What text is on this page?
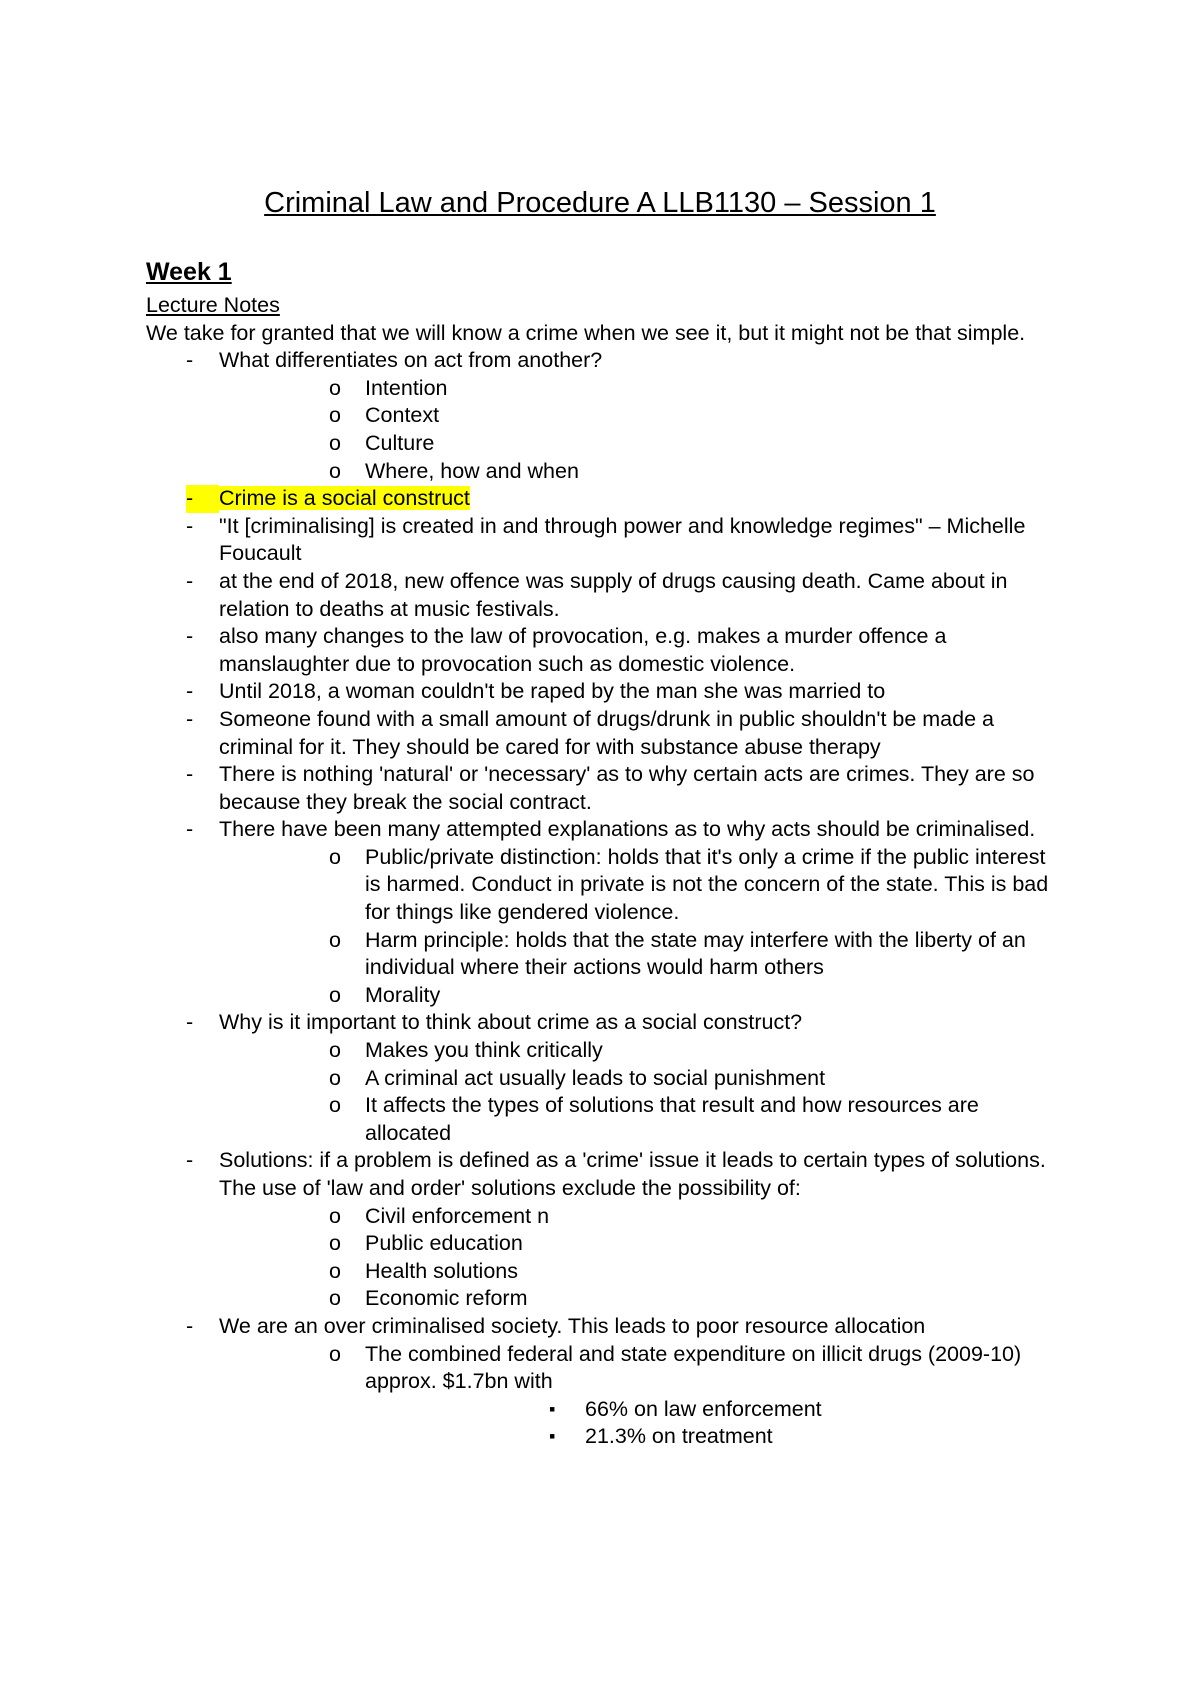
Criminal Law and Procedure A LLB1130 – Session 1
Week 1
Lecture Notes
We take for granted that we will know a crime when we see it, but it might not be that simple.
- What differentiates on act from another?
o Intention
o Context
o Culture
o Where, how and when
- Crime is a social construct
- "It [criminalising] is created in and through power and knowledge regimes" – Michelle Foucault
- at the end of 2018, new offence was supply of drugs causing death. Came about in relation to deaths at music festivals.
- also many changes to the law of provocation, e.g. makes a murder offence a manslaughter due to provocation such as domestic violence.
- Until 2018, a woman couldn't be raped by the man she was married to
- Someone found with a small amount of drugs/drunk in public shouldn't be made a criminal for it. They should be cared for with substance abuse therapy
- There is nothing 'natural' or 'necessary' as to why certain acts are crimes. They are so because they break the social contract.
- There have been many attempted explanations as to why acts should be criminalised.
o Public/private distinction: holds that it's only a crime if the public interest is harmed. Conduct in private is not the concern of the state. This is bad for things like gendered violence.
o Harm principle: holds that the state may interfere with the liberty of an individual where their actions would harm others
o Morality
- Why is it important to think about crime as a social construct?
o Makes you think critically
o A criminal act usually leads to social punishment
o It affects the types of solutions that result and how resources are allocated
- Solutions: if a problem is defined as a 'crime' issue it leads to certain types of solutions. The use of 'law and order' solutions exclude the possibility of:
o Civil enforcement n
o Public education
o Health solutions
o Economic reform
- We are an over criminalised society. This leads to poor resource allocation
o The combined federal and state expenditure on illicit drugs (2009-10) approx. $1.7bn with
▪ 66% on law enforcement
▪ 21.3% on treatment
